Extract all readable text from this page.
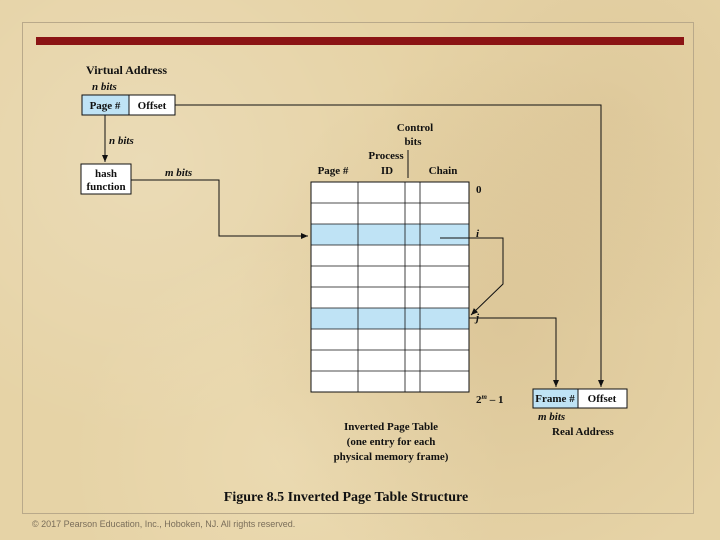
Virtual Address
n bits
Page # Offset
n bits
hash
function
m bits
Control
bits
Process
ID
Page #	Chain
0
i
j
2$^m$ – 1
Inverted Page Table
(one entry for each
physical memory frame)
Frame # Offset
m bits
Real Address
Figure 8.5 Inverted Page Table Structure
© 2017 Pearson Education, Inc., Hoboken, NJ. All rights reserved.
